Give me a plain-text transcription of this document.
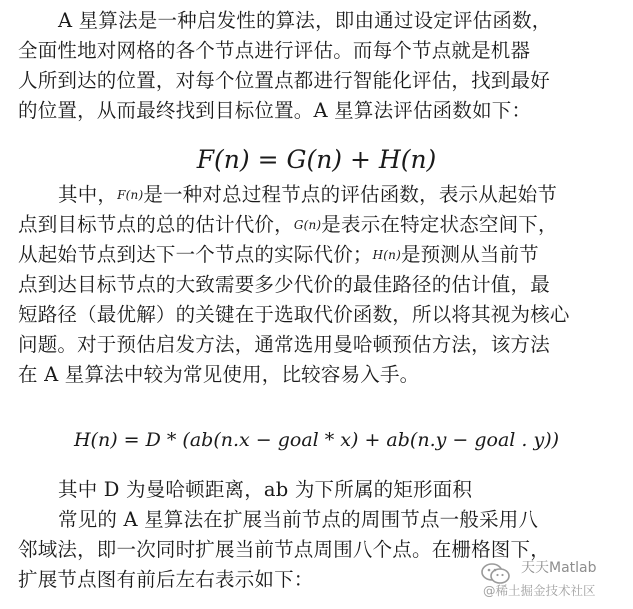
A 星算法是一种启发性的算法，即由通过设定评估函数，
全面性地对网格的各个节点进行评估。而每个节点就是机器
人所到达的位置，对每个位置点都进行智能化评估，找到最好
的位置，从而最终找到目标位置。A 星算法评估函数如下：
F(n) = G(n) + H(n)
其中，F(n)是一种对总过程节点的评估函数，表示从起始节
点到目标节点的总的估计代价，G(n)是表示在特定状态空间下，
从起始节点到达下一个节点的实际代价；H(n)是预测从当前节
点到达目标节点的大致需要多少代价的最佳路径的估计值，最
短路径（最优解）的关键在于选取代价函数，所以将其视为核心
问题。对于预估启发方法，通常选用曼哈顿预估方法，该方法
在 A 星算法中较为常见使用，比较容易入手。
H(n) = D * (ab(n.x − goal * x) + ab(n.y − goal . y))
其中 D 为曼哈顿距离，ab 为下所属的矩形面积
常见的 A 星算法在扩展当前节点的周围节点一般采用八
邻域法，即一次同时扩展当前节点周围八个点。在栅格图下，
扩展节点图有前后左右表示如下：	天天Matlab
@稀土掘金技术社区
